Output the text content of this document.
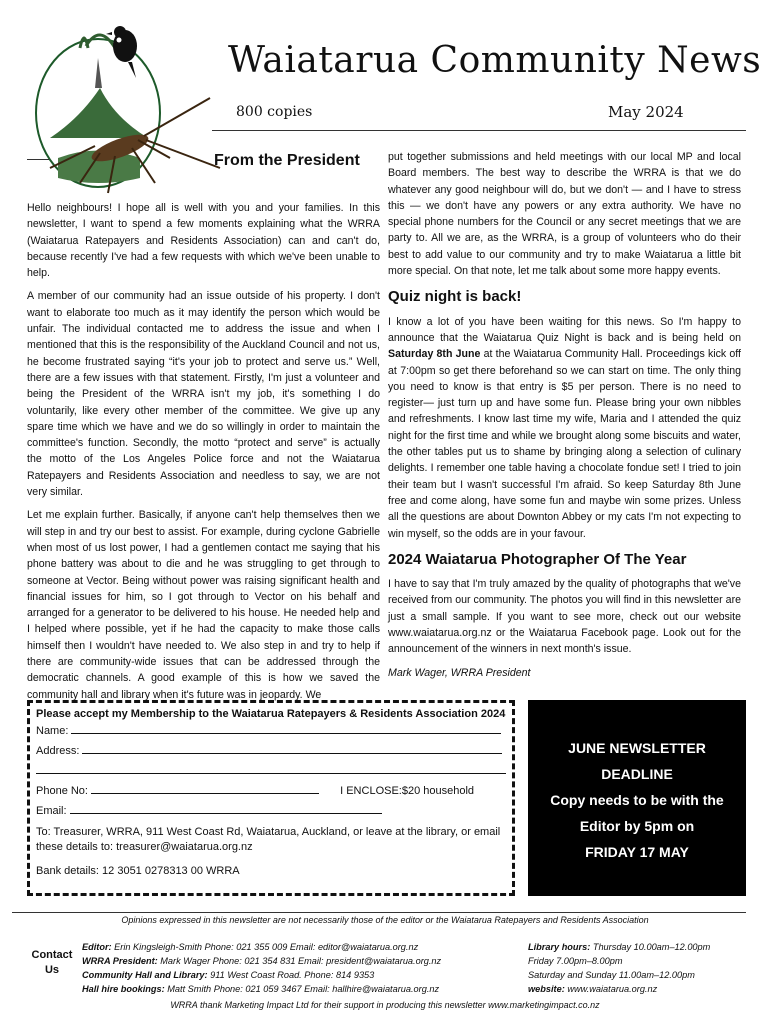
Waiatarua Community News
800 copies	May 2024
From the President

Hello neighbours! I hope all is well with you and your families. In this newsletter, I want to spend a few moments explaining what the WRRA (Waiatarua Ratepayers and Residents Association) can and can't do, because recently I've had a few requests with which we've been unable to help.

A member of our community had an issue outside of his property. I don't want to elaborate too much as it may identify the person which would be unfair. The individual contacted me to address the issue and when I mentioned that this is the responsibility of the Auckland Council and not us, he become frustrated saying “it's your job to protect and serve us.” Well, there are a few issues with that statement. Firstly, I'm just a volunteer and being the President of the WRRA isn't my job, it's something I do voluntarily, like every other member of the committee. We give up any spare time which we have and we do so willingly in order to maintain the committee's function. Secondly, the motto “protect and serve” is actually the motto of the Los Angeles Police force and not the Waiatarua Ratepayers and Residents Association and needless to say, we are not very similar.

Let me explain further. Basically, if anyone can't help themselves then we will step in and try our best to assist. For example, during cyclone Gabrielle when most of us lost power, I had a gentlemen contact me saying that his phone battery was about to die and he was struggling to get through to someone at Vector. Being without power was raising significant health and financial issues for him, so I got through to Vector on his behalf and arranged for a generator to be delivered to his house. He needed help and I helped where possible, yet if he had the capacity to make those calls himself then I wouldn't have needed to. We also step in and try to help if there are community-wide issues that can be addressed through the democratic channels. A good example of this is how we saved the community hall and library when it's future was in jeopardy. We

put together submissions and held meetings with our local MP and local Board members. The best way to describe the WRRA is that we do whatever any good neighbour will do, but we don't — and I have to stress this — we don't have any powers or any extra authority. We have no special phone numbers for the Council or any secret meetings that we are party to. All we are, as the WRRA, is a group of volunteers who do their best to add value to our community and try to make Waiatarua a little bit more special. On that note, let me talk about some more happy events.

Quiz night is back!

I know a lot of you have been waiting for this news. So I'm happy to announce that the Waiatarua Quiz Night is back and is being held on Saturday 8th June at the Waiatarua Community Hall. Proceedings kick off at 7:00pm so get there beforehand so we can start on time. The only thing you need to know is that entry is $5 per person. There is no need to register— just turn up and have some fun. Please bring your own nibbles and refreshments. I know last time my wife, Maria and I attended the quiz night for the first time and while we brought along some biscuits and water, the other tables put us to shame by bringing along a selection of culinary delights. I remember one table having a chocolate fondue set! I tried to join their team but I wasn't successful I'm afraid. So keep Saturday 8th June free and come along, have some fun and maybe win some prizes. Unless all the questions are about Downton Abbey or my cats I'm not expecting to win myself, so the odds are in your favour.

2024 Waiatarua Photographer Of The Year

I have to say that I'm truly amazed by the quality of photographs that we've received from our community. The photos you will find in this newsletter are just a small sample. If you want to see more, check out our website www.waiatarua.org.nz or the Waiatarua Facebook page. Look out for the announcement of the winners in next month's issue.

Mark Wager, WRRA President

Please accept my Membership to the Waiatarua Ratepayers & Residents Association 2024
Name:
Address:
Phone No:	I ENCLOSE:$20 household
Email:
To: Treasurer, WRRA, 911 West Coast Rd, Waiatarua, Auckland, or leave at the library, or email these details to: treasurer@waiatarua.org.nz
Bank details: 12 3051 0278313 00 WRRA
JUNE NEWSLETTER
DEADLINE
Copy needs to be with the
Editor by 5pm on
FRIDAY 17 MAY
Opinions expressed in this newsletter are not necessarily those of the editor or the Waiatarua Ratepayers and Residents Association
Contact Us
Editor: Erin Kingsleigh-Smith Phone: 021 355 009 Email: editor@waiatarua.org.nz
WRRA President: Mark Wager Phone: 021 354 831 Email: president@waiatarua.org.nz
Community Hall and Library: 911 West Coast Road. Phone: 814 9353
Hall hire bookings: Matt Smith Phone: 021 059 3467 Email: hallhire@waiatarua.org.nz
Library hours: Thursday 10.00am–12.00pm
Friday 7.00pm–8.00pm
Saturday and Sunday 11.00am–12.00pm
website: www.waiatarua.org.nz
WRRA thank Marketing Impact Ltd for their support in producing this newsletter www.marketingimpact.co.nz
